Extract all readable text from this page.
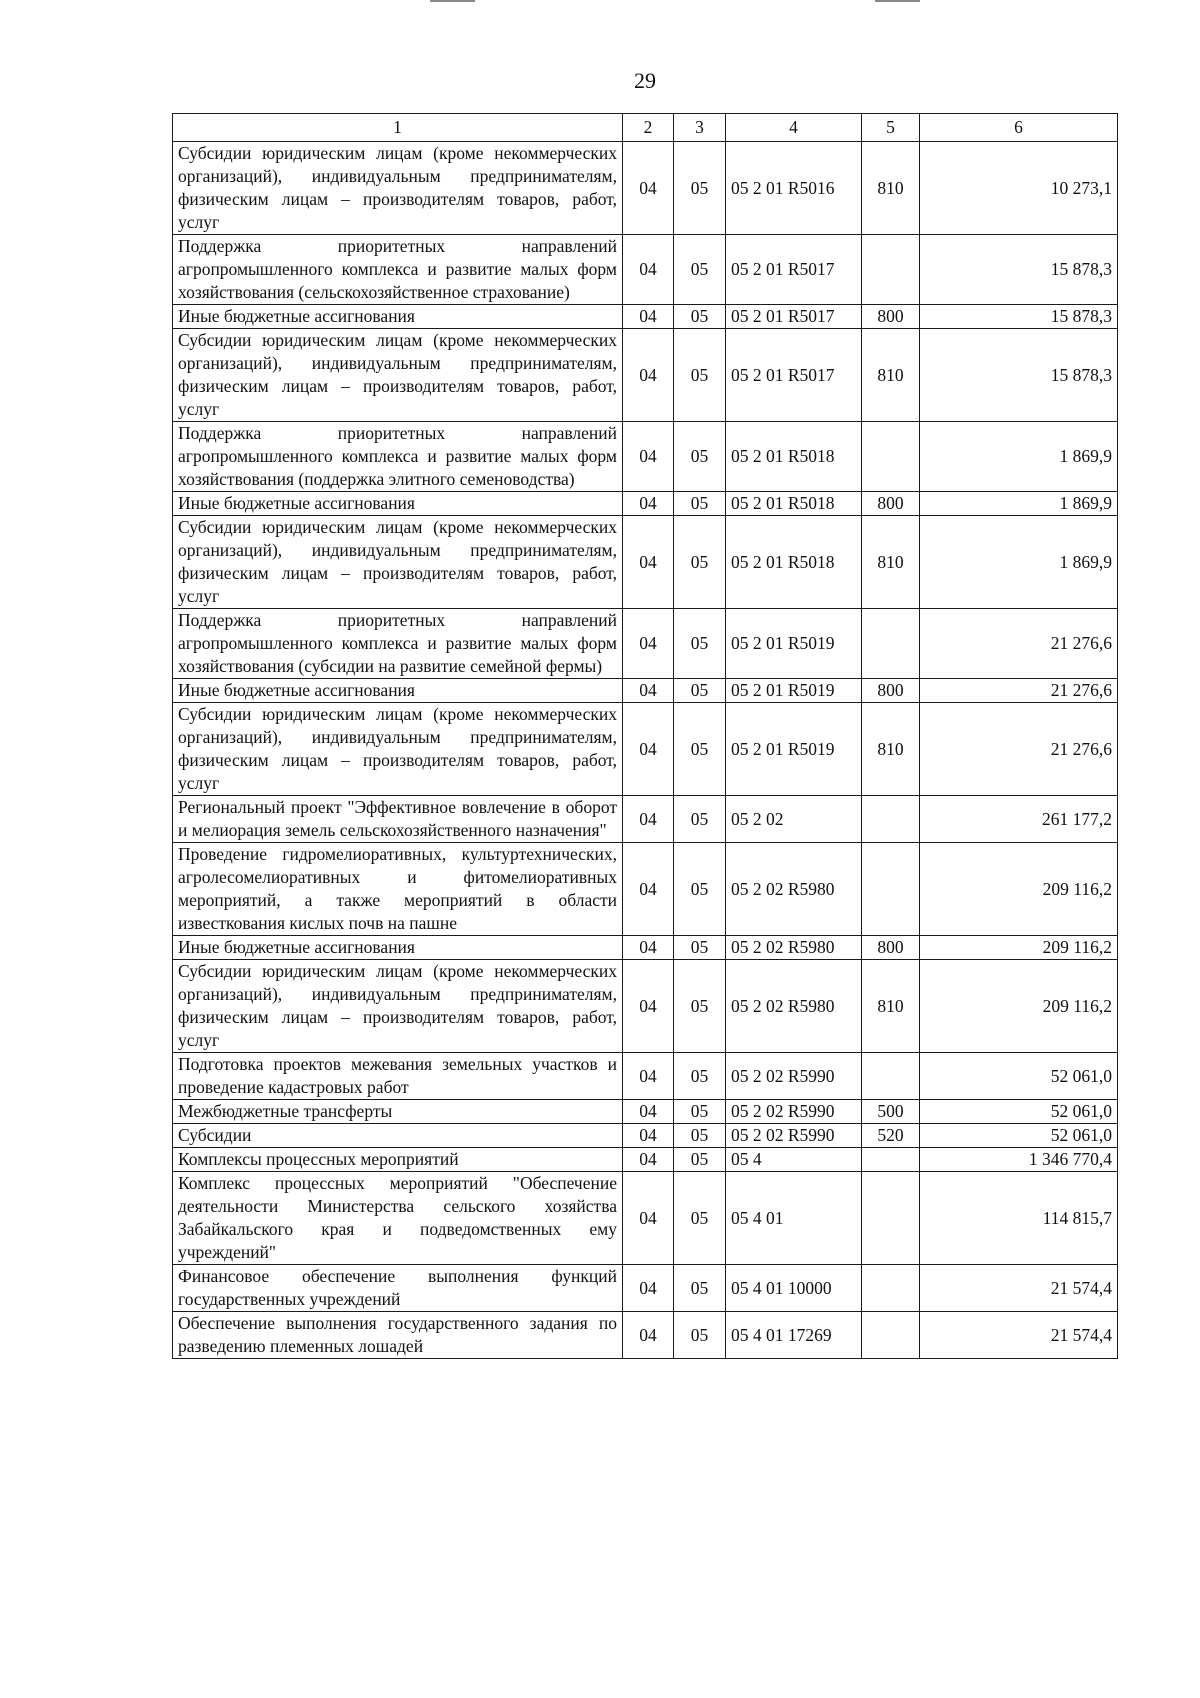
29
1	2	3	4	5	6
Субсидии юридическим лицам (кроме некоммерческих организаций), индивидуальным предпринимателям, физическим лицам – производителям товаров, работ, услуг	04	05	05 2 01 R5016	810	10 273,1
Поддержка приоритетных направлений агропромышленного комплекса и развитие малых форм хозяйствования (сельскохозяйственное страхование)	04	05	05 2 01 R5017		15 878,3
Иные бюджетные ассигнования	04	05	05 2 01 R5017	800	15 878,3
Субсидии юридическим лицам (кроме некоммерческих организаций), индивидуальным предпринимателям, физическим лицам – производителям товаров, работ, услуг	04	05	05 2 01 R5017	810	15 878,3
Поддержка приоритетных направлений агропромышленного комплекса и развитие малых форм хозяйствования (поддержка элитного семеноводства)	04	05	05 2 01 R5018		1 869,9
Иные бюджетные ассигнования	04	05	05 2 01 R5018	800	1 869,9
Субсидии юридическим лицам (кроме некоммерческих организаций), индивидуальным предпринимателям, физическим лицам – производителям товаров, работ, услуг	04	05	05 2 01 R5018	810	1 869,9
Поддержка приоритетных направлений агропромышленного комплекса и развитие малых форм хозяйствования (субсидии на развитие семейной фермы)	04	05	05 2 01 R5019		21 276,6
Иные бюджетные ассигнования	04	05	05 2 01 R5019	800	21 276,6
Субсидии юридическим лицам (кроме некоммерческих организаций), индивидуальным предпринимателям, физическим лицам – производителям товаров, работ, услуг	04	05	05 2 01 R5019	810	21 276,6
Региональный проект "Эффективное вовлечение в оборот и мелиорация земель сельскохозяйственного назначения"	04	05	05 2 02		261 177,2
Проведение гидромелиоративных, культуртехнических, агролесомелиоративных и фитомелиоративных мероприятий, а также мероприятий в области известкования кислых почв на пашне	04	05	05 2 02 R5980		209 116,2
Иные бюджетные ассигнования	04	05	05 2 02 R5980	800	209 116,2
Субсидии юридическим лицам (кроме некоммерческих организаций), индивидуальным предпринимателям, физическим лицам – производителям товаров, работ, услуг	04	05	05 2 02 R5980	810	209 116,2
Подготовка проектов межевания земельных участков и проведение кадастровых работ	04	05	05 2 02 R5990		52 061,0
Межбюджетные трансферты	04	05	05 2 02 R5990	500	52 061,0
Субсидии	04	05	05 2 02 R5990	520	52 061,0
Комплексы процессных мероприятий	04	05	05 4		1 346 770,4
Комплекс процессных мероприятий "Обеспечение деятельности Министерства сельского хозяйства Забайкальского края и подведомственных ему учреждений"	04	05	05 4 01		114 815,7
Финансовое обеспечение выполнения функций государственных учреждений	04	05	05 4 01 10000		21 574,4
Обеспечение выполнения государственного задания по разведению племенных лошадей	04	05	05 4 01 17269		21 574,4
